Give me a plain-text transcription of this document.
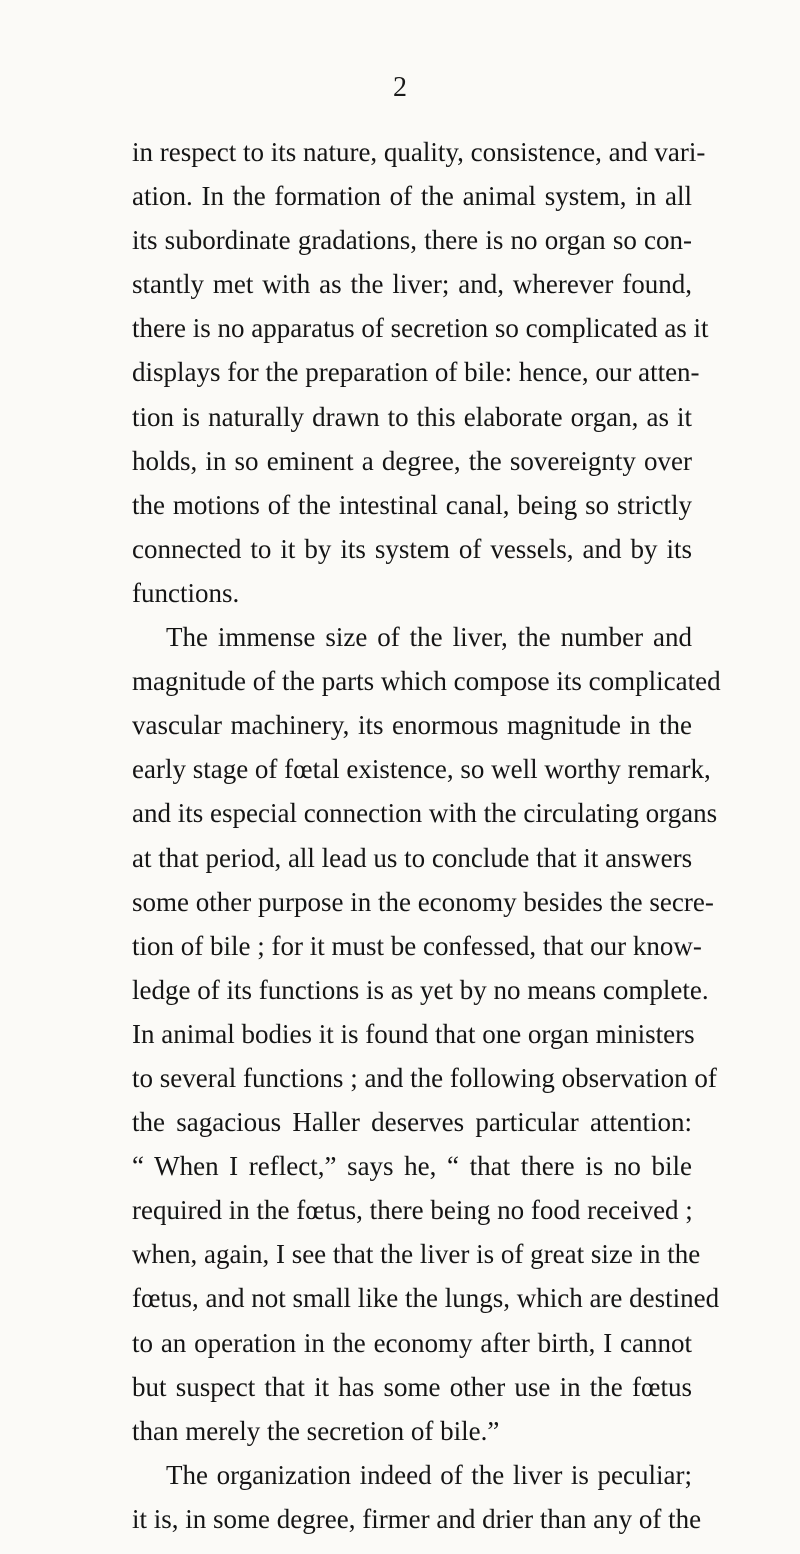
2
in respect to its nature, quality, consistence, and vari-
ation. In the formation of the animal system, in all
its subordinate gradations, there is no organ so con-
stantly met with as the liver; and, wherever found,
there is no apparatus of secretion so complicated as it
displays for the preparation of bile: hence, our atten-
tion is naturally drawn to this elaborate organ, as it
holds, in so eminent a degree, the sovereignty over
the motions of the intestinal canal, being so strictly
connected to it by its system of vessels, and by its
functions.
The immense size of the liver, the number and
magnitude of the parts which compose its complicated
vascular machinery, its enormous magnitude in the
early stage of fœtal existence, so well worthy remark,
and its especial connection with the circulating organs
at that period, all lead us to conclude that it answers
some other purpose in the economy besides the secre-
tion of bile ; for it must be confessed, that our know-
ledge of its functions is as yet by no means complete.
In animal bodies it is found that one organ ministers
to several functions ; and the following observation of
the sagacious Haller deserves particular attention:
“ When I reflect,” says he, “ that there is no bile
required in the fœtus, there being no food received ;
when, again, I see that the liver is of great size in the
fœtus, and not small like the lungs, which are destined
to an operation in the economy after birth, I cannot
but suspect that it has some other use in the fœtus
than merely the secretion of bile.”
The organization indeed of the liver is peculiar;
it is, in some degree, firmer and drier than any of the
